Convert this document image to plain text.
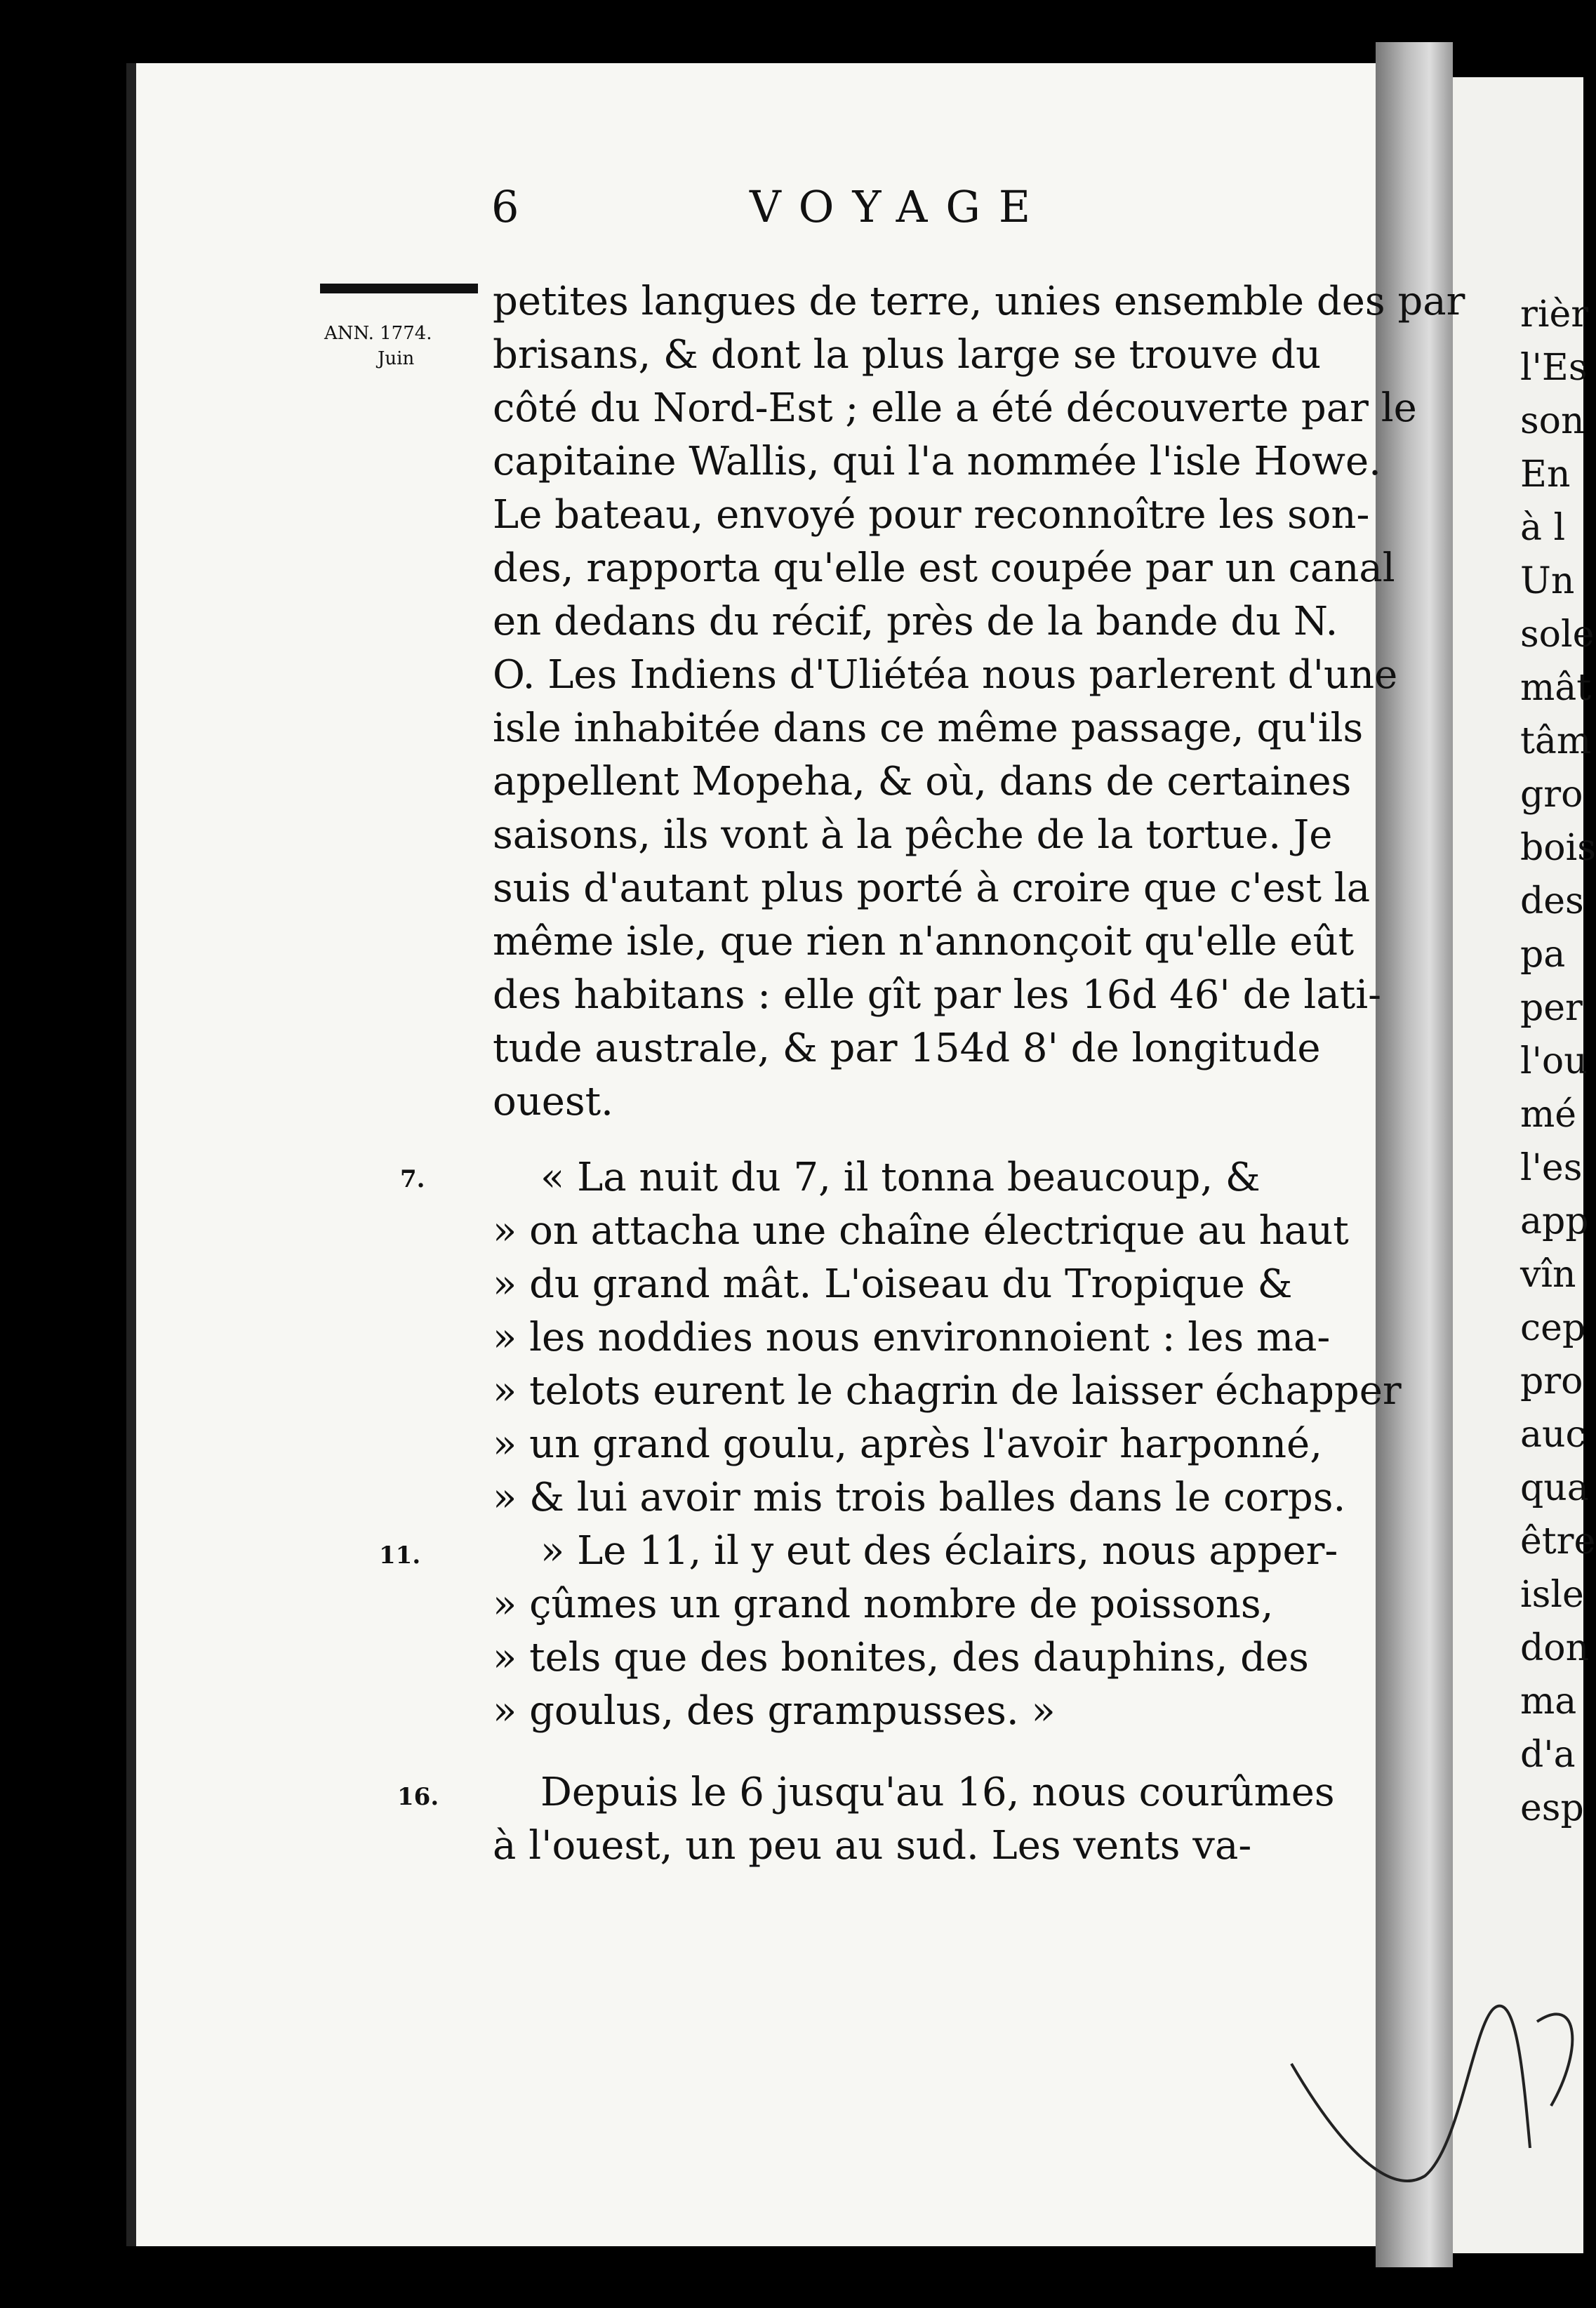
rièr
l'Es
son
En
à l
Un
sole
mât
tâm
gro
bois
des
pa
per
l'ou
mé
l'es
app
vîn
cep
pro
auc
qua
être
isle
don
ma
d'a
esp
6	VOYAGE
ANN. 1774.
Juin
petites langues de terre, unies ensemble des par
brisans, & dont la plus large se trouve du
côté du Nord-Est ; elle a été découverte par le
capitaine Wallis, qui l'a nommée l'isle Howe.
Le bateau, envoyé pour reconnoître les son-
des, rapporta qu'elle est coupée par un canal
en dedans du récif, près de la bande du N.
O. Les Indiens d'Uliétéa nous parlerent d'une
isle inhabitée dans ce même passage, qu'ils
appellent Mopeha, & où, dans de certaines
saisons, ils vont à la pêche de la tortue. Je
suis d'autant plus porté à croire que c'est la
même isle, que rien n'annonçoit qu'elle eût
des habitans : elle gît par les 16d 46' de lati-
tude australe, & par 154d 8' de longitude
ouest.
7.	« La nuit du 7, il tonna beaucoup, &
» on attacha une chaîne électrique au haut
» du grand mât. L'oiseau du Tropique &
» les noddies nous environnoient : les ma-
» telots eurent le chagrin de laisser échapper
» un grand goulu, après l'avoir harponné,
» & lui avoir mis trois balles dans le corps.
11.	» Le 11, il y eut des éclairs, nous apper-
» çûmes un grand nombre de poissons,
» tels que des bonites, des dauphins, des
» goulus, des grampusses. »
16.	Depuis le 6 jusqu'au 16, nous courûmes
à l'ouest, un peu au sud. Les vents va-
